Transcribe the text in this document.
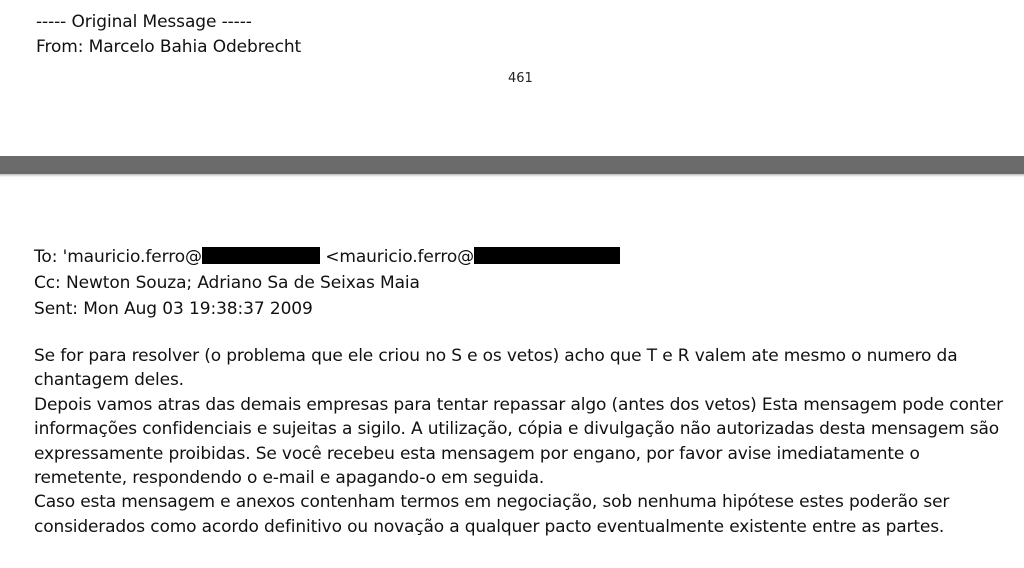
----- Original Message -----
From: Marcelo Bahia Odebrecht
461
To: 'mauricio.ferro@	<mauricio.ferro@
Cc: Newton Souza; Adriano Sa de Seixas Maia
Sent: Mon Aug 03 19:38:37 2009

Se for para resolver (o problema que ele criou no S e os vetos) acho que T e R valem ate mesmo o numero da chantagem deles.

Depois vamos atras das demais empresas para tentar repassar algo (antes dos vetos) Esta mensagem pode conter informações confidenciais e sujeitas a sigilo. A utilização, cópia e divulgação não autorizadas desta mensagem são expressamente proibidas. Se você recebeu esta mensagem por engano, por favor avise imediatamente o remetente, respondendo o e-mail e apagando-o em seguida.

Caso esta mensagem e anexos contenham termos em negociação, sob nenhuma hipótese estes poderão ser considerados como acordo definitivo ou novação a qualquer pacto eventualmente existente entre as partes.
